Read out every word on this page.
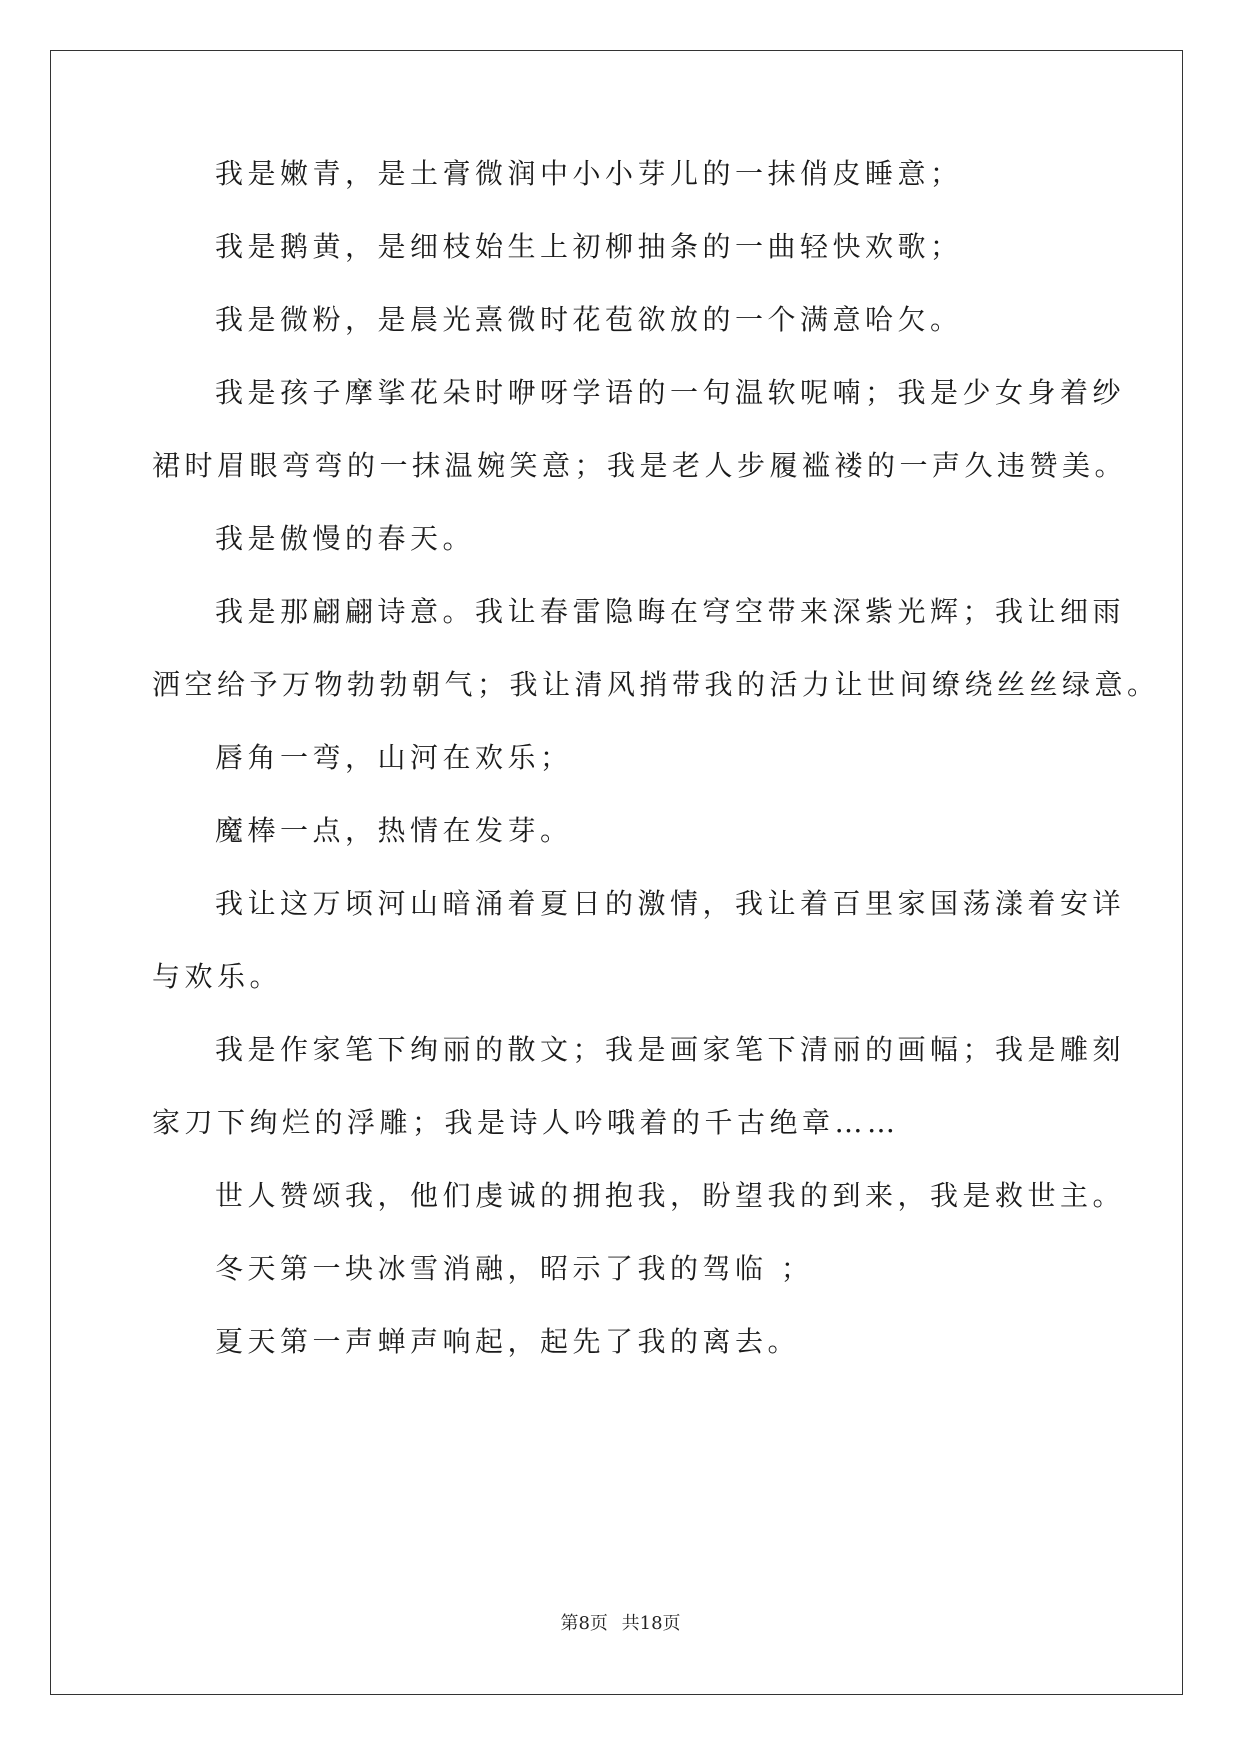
我是嫩青，是土膏微润中小小芽儿的一抹俏皮睡意；
我是鹅黄，是细枝始生上初柳抽条的一曲轻快欢歌；
我是微粉，是晨光熹微时花苞欲放的一个满意哈欠。
我是孩子摩挲花朵时咿呀学语的一句温软呢喃；我是少女身着纱
裙时眉眼弯弯的一抹温婉笑意；我是老人步履褴褛的一声久违赞美。
我是傲慢的春天。
我是那翩翩诗意。我让春雷隐晦在穹空带来深紫光辉；我让细雨
洒空给予万物勃勃朝气；我让清风捎带我的活力让世间缭绕丝丝绿意。
唇角一弯，山河在欢乐；
魔棒一点，热情在发芽。
我让这万顷河山暗涌着夏日的激情，我让着百里家国荡漾着安详
与欢乐。
我是作家笔下绚丽的散文；我是画家笔下清丽的画幅；我是雕刻
家刀下绚烂的浮雕；我是诗人吟哦着的千古绝章……
世人赞颂我，他们虔诚的拥抱我，盼望我的到来，我是救世主。
冬天第一块冰雪消融，昭示了我的驾临 ；
夏天第一声蝉声响起，起先了我的离去。
第8页 共18页
